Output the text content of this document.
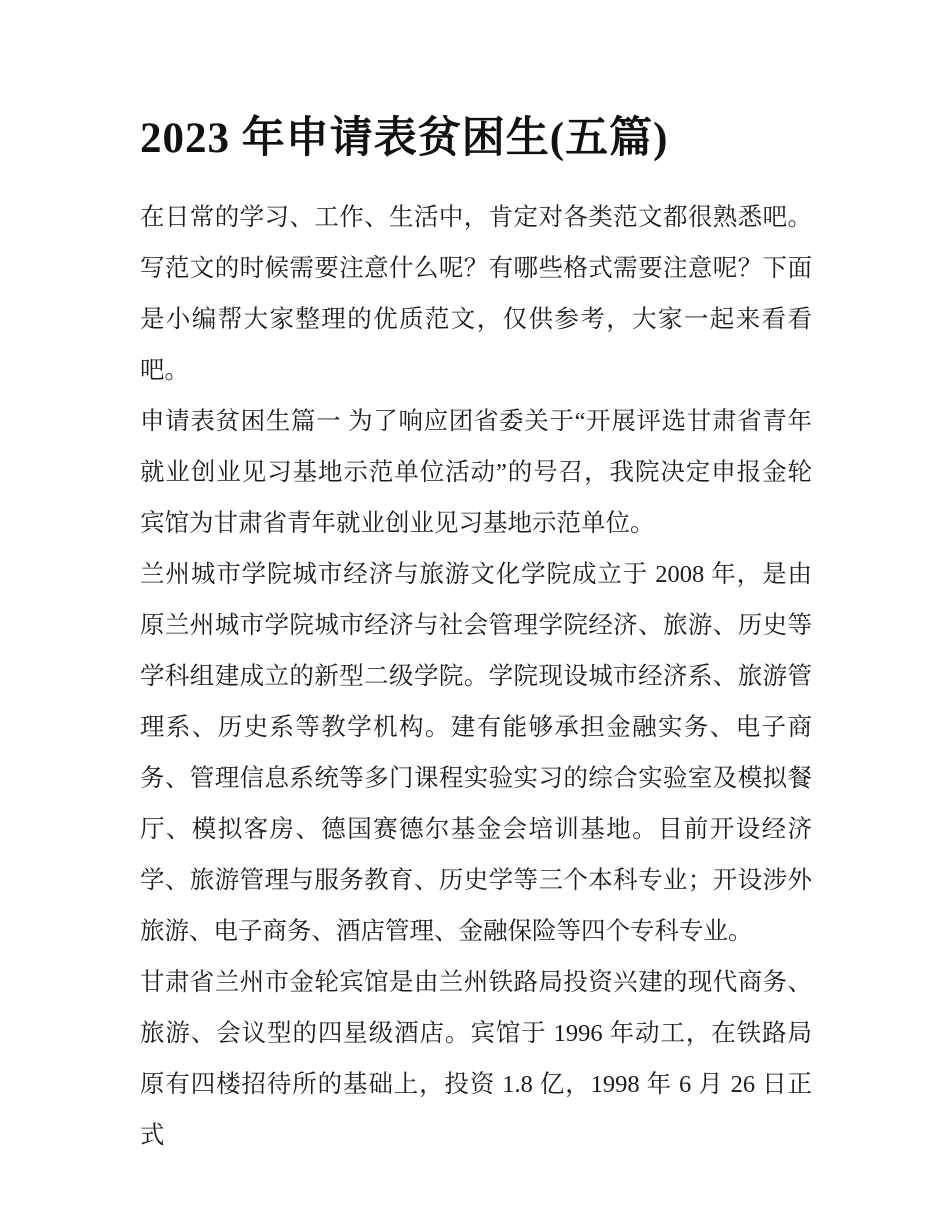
2023 年申请表贫困生(五篇)

在日常的学习、工作、生活中，肯定对各类范文都很熟悉吧。写范文的时候需要注意什么呢？有哪些格式需要注意呢？下面是小编帮大家整理的优质范文，仅供参考，大家一起来看看吧。

申请表贫困生篇一 为了响应团省委关于“开展评选甘肃省青年就业创业见习基地示范单位活动”的号召，我院决定申报金轮宾馆为甘肃省青年就业创业见习基地示范单位。

兰州城市学院城市经济与旅游文化学院成立于 2008 年，是由原兰州城市学院城市经济与社会管理学院经济、旅游、历史等学科组建成立的新型二级学院。学院现设城市经济系、旅游管理系、历史系等教学机构。建有能够承担金融实务、电子商务、管理信息系统等多门课程实验实习的综合实验室及模拟餐厅、模拟客房、德国赛德尔基金会培训基地。目前开设经济学、旅游管理与服务教育、历史学等三个本科专业；开设涉外旅游、电子商务、酒店管理、金融保险等四个专科专业。

甘肃省兰州市金轮宾馆是由兰州铁路局投资兴建的现代商务、旅游、会议型的四星级酒店。宾馆于 1996 年动工，在铁路局原有四楼招待所的基础上，投资 1.8 亿，1998 年 6 月 26 日正式
